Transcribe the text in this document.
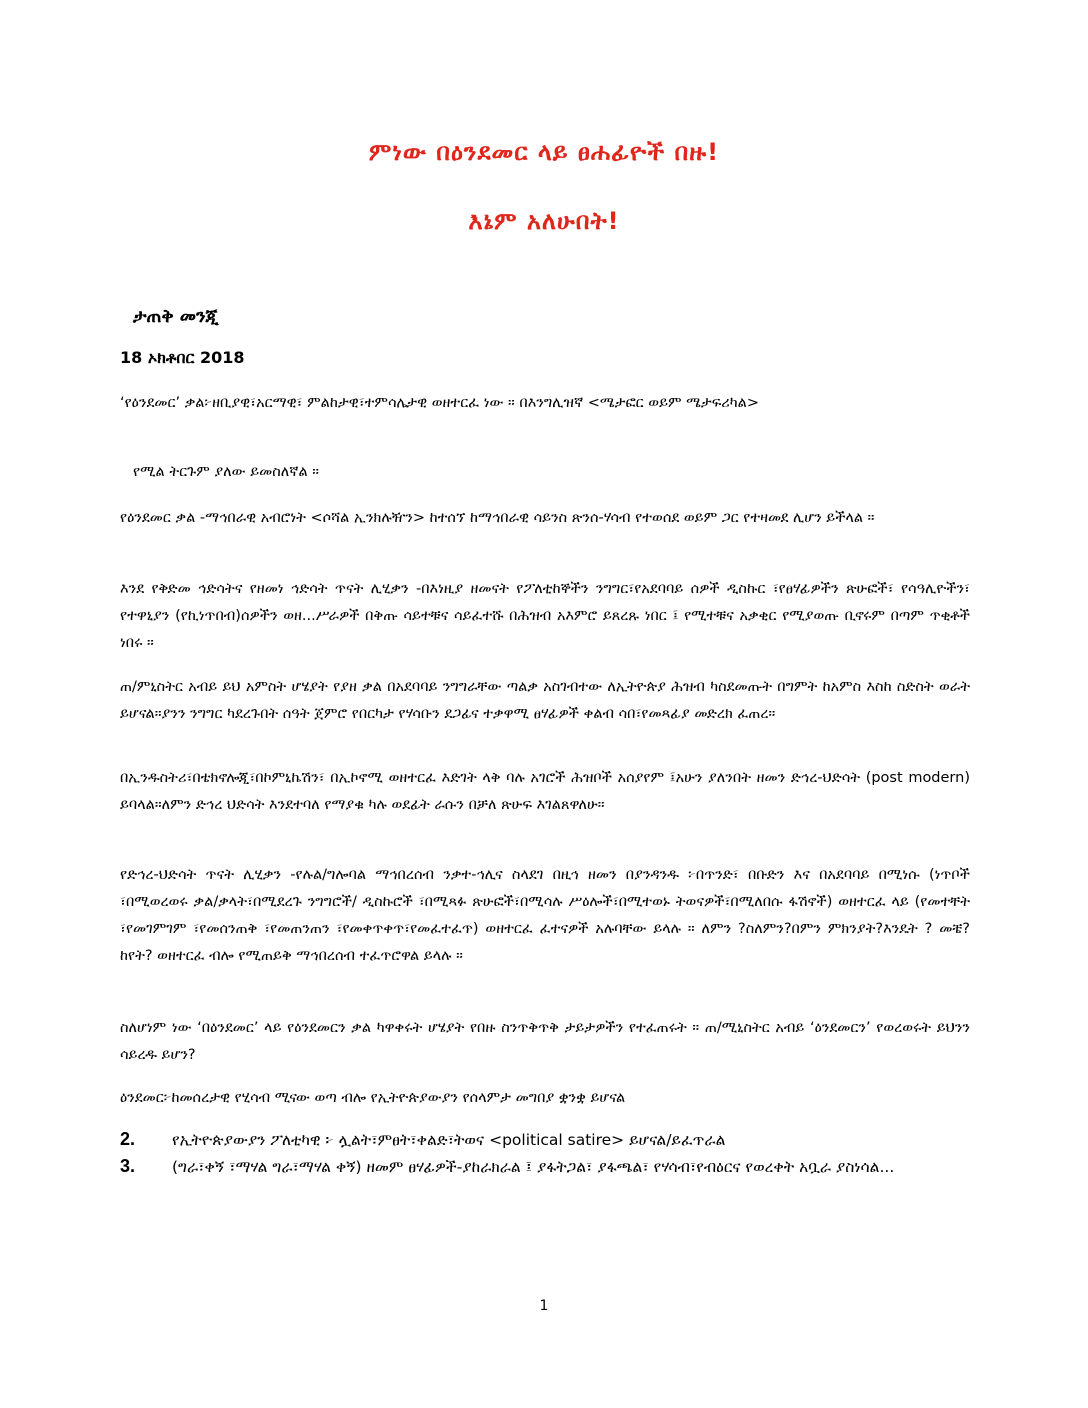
ምነው በዕንደመር ላይ ፀሐፊዮች በዙ!
እኔም አለሁበት!
ታጠቅ መንጂ
18 ኦክቶበር 2018
‘የዕንደመር’ ቃል፦ዘቢያዊ፣አርማዊ፣ ምልከታዊ፣ተምሳሌታዊ ወዘተርፈ ነው ። በእንግሊዝኛ <ሜታፎር ወይም ሜታፍሪካል>
የሚል ትርጉም ያለው ይመስለኛል ።
የዕንደመር ቃል -ማኅበራዊ አብሮነት <ሶሻል ኢንክሉዥን> ከተሰኘ ከማኅበራዊ ሳይንስ ጽንሰ-ሃሳብ የተወሰደ ወይም ጋር የተዛመደ ሊሆን ይችላል ።
እንደ የቅድመ ኅድሳትና የዘመነ ኅድሳት ጥናት ሊሂቃን -በእነዚያ ዘመናት የፖለቲከኞችን ንግግር፣የአደባባይ ሰዎች ዲስኩር ፣የፀሃፊዎችን ጽሁፎች፣ የሳዓሊዮችን፣ የተዋኒያን (የኪነጥበብ)ሰዎችን ወዘ...ሥራዎች በቅጡ ሳይተቹና ሳይፈተሹ በሕዝብ አእምሮ ይጸረጹ ነበር ፤ የሚተቹና አቃቂር የሚያወጡ ቢኖሩም በጣም ጥቂቶች ነበሩ ።
ጠ/ምኒስትር አብይ ይህ አምስት ሆሄያት የያዘ ቃል በአደባባይ ንግግራቸው ጣልቃ አስገብተው ለኢትዮጵያ ሕዝብ ካስደመጡት በግምት ከአምስ እስከ ስድስት ወራት ይሆናል።ያንን ንግግር ካደረጉበት ሰዓት ጀምሮ የበርካታ የሃሳቡን ደጋፊና ተቃዋሚ ፀሃፊዎች ቀልብ ሳበ፣የመጻፊያ መድረክ ፈጠረ።
በኢንዱስትሪ፣በቴክኖሎጂ፣በኮምኒኬሽን፣ በኢኮኖሚ ወዘተርፈ እድገት ላቅ ባሉ አገሮች ሕዝቦች አሰያየም ፤አሁን ያለንበት ዘመን ድኅረ-ህድሳት (post modern) ይባላል።ለምን ድኅረ ህድሳት እንደተባለ የማያቁ ካሉ ወደፊት ራሱን በቻለ ጽሁፍ እገልጸዋለሁ።
የድኅረ-ህድሳት ጥናት ሊሂቃን -የሉል/ግሎባል ማኅበረሰብ ንቃተ-ኅሊና ስላደገ በዚኅ ዘመን በያንዳንዱ ፦በጥንድ፣ በቡድን እና በአደባባይ በሚነሱ (ነጥቦች ፣በሚወረወሩ ቃል/ቃላት፣በሚደረጉ ንግግሮች/ ዲስኩሮች ፣በሚጻፉ ጽሁፎች፣በሚሳሉ ሥዕሎች፣በሚተወኑ ትወናዎች፣በሚለበሱ ፋሽኖች) ወዘተርፈ ላይ (የመተቸት ፣የመገምገም ፣የመሰንጠቅ ፣የመጠንጠን ፣የመቀጥቀጥ፣የመፈተፈጥ) ወዘተርፈ ፈተናዎች አሉባቸው ይላሉ ። ለምን ?ስለምን?በምን ምክንያት?እንዴት ? መቼ? ከየት? ወዘተርፈ ብሎ የሚጠይቅ ማኅበረሰብ ተፈጥሮዋል ይላሉ ።
ስለሆነም ነው ‘በዕንደመር’ ላይ የዕንደመርን ቃል ካዋቀሩት ሆሄያት የበዙ ስንጥቅጥቅ ታይታዎችን የተፈጠሩት ። ጠ/ሚኒስትር አብይ ‘ዕንደመርን’ የወረወሩት ይህንን ሳይረዱ ይሆን?
ዕንደመር፦ከመሰረታዊ የሂሳብ ሚናው ወጣ ብሎ የኢትዮጵያውያን የሰላምታ መግበያ ቋንቋ ይሆናል
2. የኢትዮጵያውያን ፖለቲካዊ ፦ ሏልት፣ምፀት፣ቀልድ፣ትወና <political satire> ይሆናል/ይፈጥራል
3. (ግራ፣ቀኝ ፣ማሃል ግራ፣ማሃል ቀኝ) ዘመም ፀሃፊዎች-ያከራክራል ፤ ያፋትጋል፣ ያፋጫል፣ የሃሳብ፣የብዕርና የወረቀት አቧራ ያስነሳል...
1
